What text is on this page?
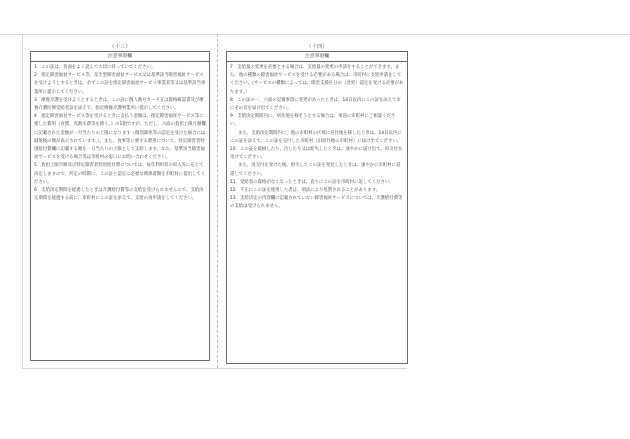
（十三）
注意事項欄

1　この証は、各面をよく読んで大切に持っていてください。

2　指定障害福祉サービス等、及生型障害福祉サービス又は基準該当障害福祉サービスを受けようとするときは、必ずこの証を指定障害福祉サービス事業者等又は基準該当事業所に提示してください。

3　療養介護を受けようとするときは、この証に個人番号カード又は資格確認書及び療養介護医療受給者証を添えて、指定療養介護事業所に提示してください。

4　指定障害福祉サービス等を受けるときに支払う金額は、指定障害福祉サービス等に要した費用（食費、光熱水費等を除く。）の1割ですが、ただし、六面の負担上限月額欄に記載された金額が一月当たりの上限になります（個別減免等の認定を受けた場合には減免後の額が表示されています。）。また、食事等に要する費用について、特定障害者特別給付費欄に記載する額を一日当たりの上限として支給します。なお、基準該当障害福祉サービスを受ける場合等は市町村の窓口にお問い合わせください。

5　負担上限月額及び特定障害者特別給付費については、毎年利用者の収入等に応じて決定しますので、所定の時期に、この証と認定に必要な関係書類を市町村に提出してください。

6　支給決定期間を経過したときは介護給付費等の支給を受けられませんので、支給決定期間を経過する前に、市町村にこの証を添えて、支給の再申請をしてください。

（十四）
注意事項欄

7　支給量の変更を必要とする場合は、支給量の変更の申請をすることができます。また、他の種類の障害福祉サービスを受ける必要がある場合は、市町村に支給申請をしてください。（サービスの種類によっては、障害支援区分の（変更）認定を受ける必要があります。）

8　この証の一、六面の記載事項に変更があったときは、14日以内にこの証を添えて市にその旨を届け出てください。

9　支給決定期間内に、居住地を移そうとする場合は、事前に市町村にご相談ください。

また、支給決定期間内に、他の市町村の区域に居住地を移したときは、14日以内にこの証を添えて、この証を交付した市町村（旧居住地の市町村）に届け出てください。

10　この証を破損したり、汚したり又は紛失したときは、速やかに届け出て、再交付を受けてください。

また、再交付を受けた後、紛失したこの証を発見したときは、速やかに市町村に返還してください。

11　受給者の資格がなくなったときは、直ちにこの証を市町村に返してください。

12　不正にこの証を使用した者は、刑法により処罰されることがあります。

13　支給決定の内容欄に記載されていない障害福祉サービスについては、介護給付費等の支給は受けられません。
